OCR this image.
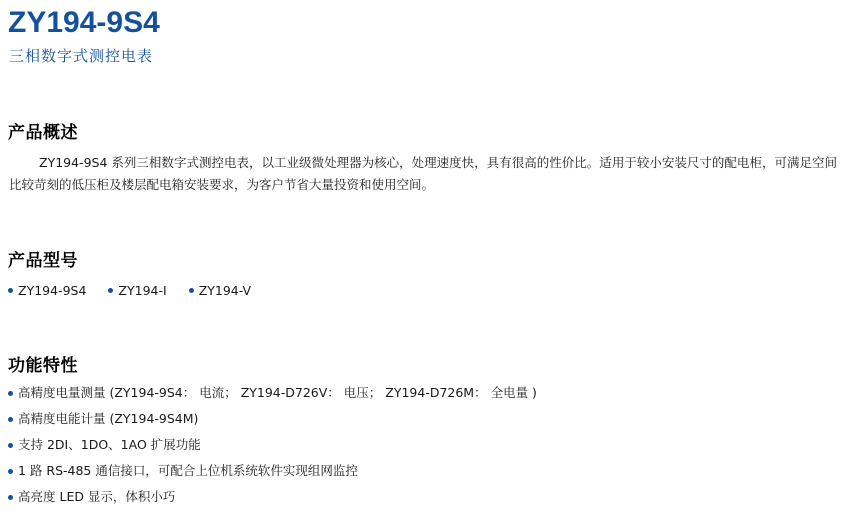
ZY194-9S4
三相数字式测控电表
产品概述
ZY194-9S4 系列三相数字式测控电表，以工业级微处理器为核心，处理速度快，具有很高的性价比。适用于较小安装尺寸的配电柜，可满足空间比较苛刻的低压柜及楼层配电箱安装要求，为客户节省大量投资和使用空间。
产品型号
ZY194-9S4	ZY194-I	ZY194-V
功能特性
高精度电量测量 (ZY194-9S4： 电流； ZY194-D726V： 电压； ZY194-D726M： 全电量 )
高精度电能计量 (ZY194-9S4M)
支持 2DI、1DO、1AO 扩展功能
1 路 RS-485 通信接口，可配合上位机系统软件实现组网监控
高亮度 LED 显示，体积小巧
